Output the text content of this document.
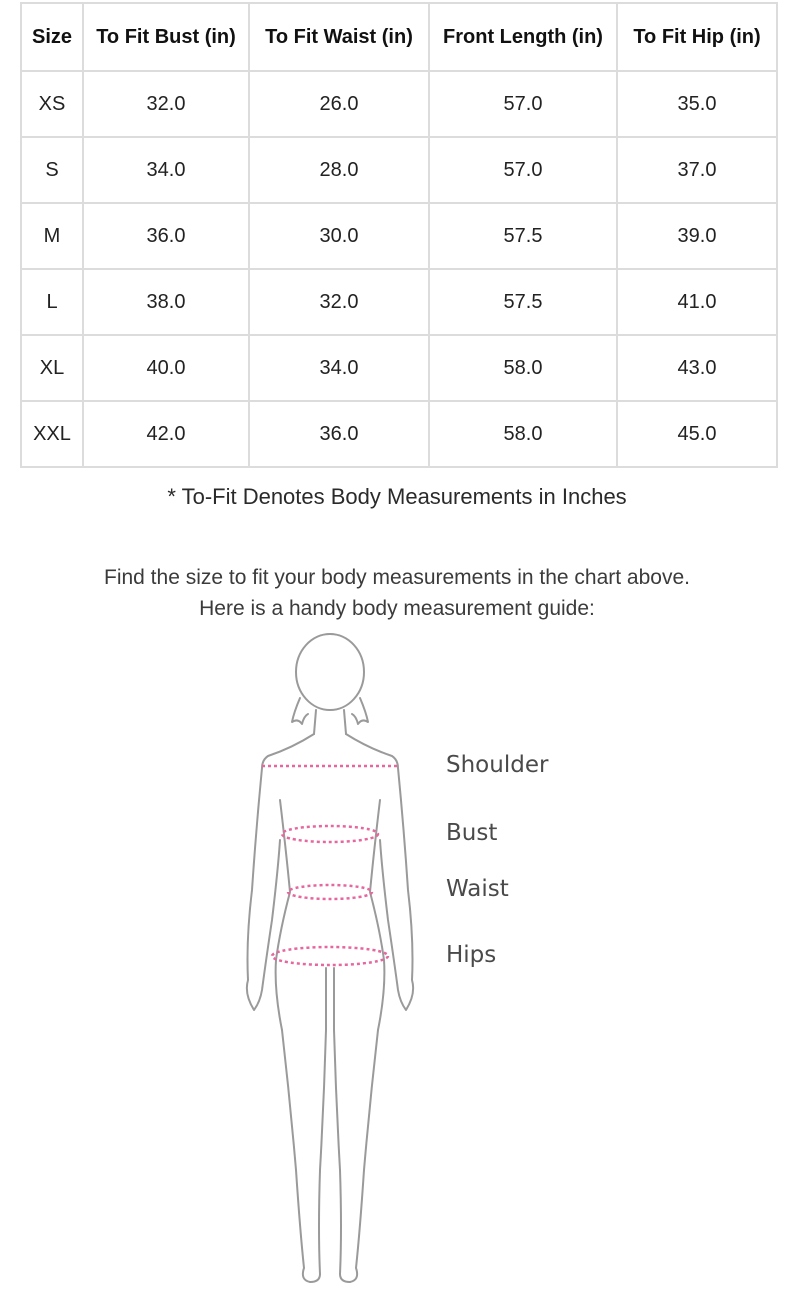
Size	To Fit Bust (in)	To Fit Waist (in)	Front Length (in)	To Fit Hip (in)
XS	32.0	26.0	57.0	35.0
S	34.0	28.0	57.0	37.0
M	36.0	30.0	57.5	39.0
L	38.0	32.0	57.5	41.0
XL	40.0	34.0	58.0	43.0
XXL	42.0	36.0	58.0	45.0
* To-Fit Denotes Body Measurements in Inches
Find the size to fit your body measurements in the chart above.
Here is a handy body measurement guide:
Shoulder
Bust
Waist
Hips
